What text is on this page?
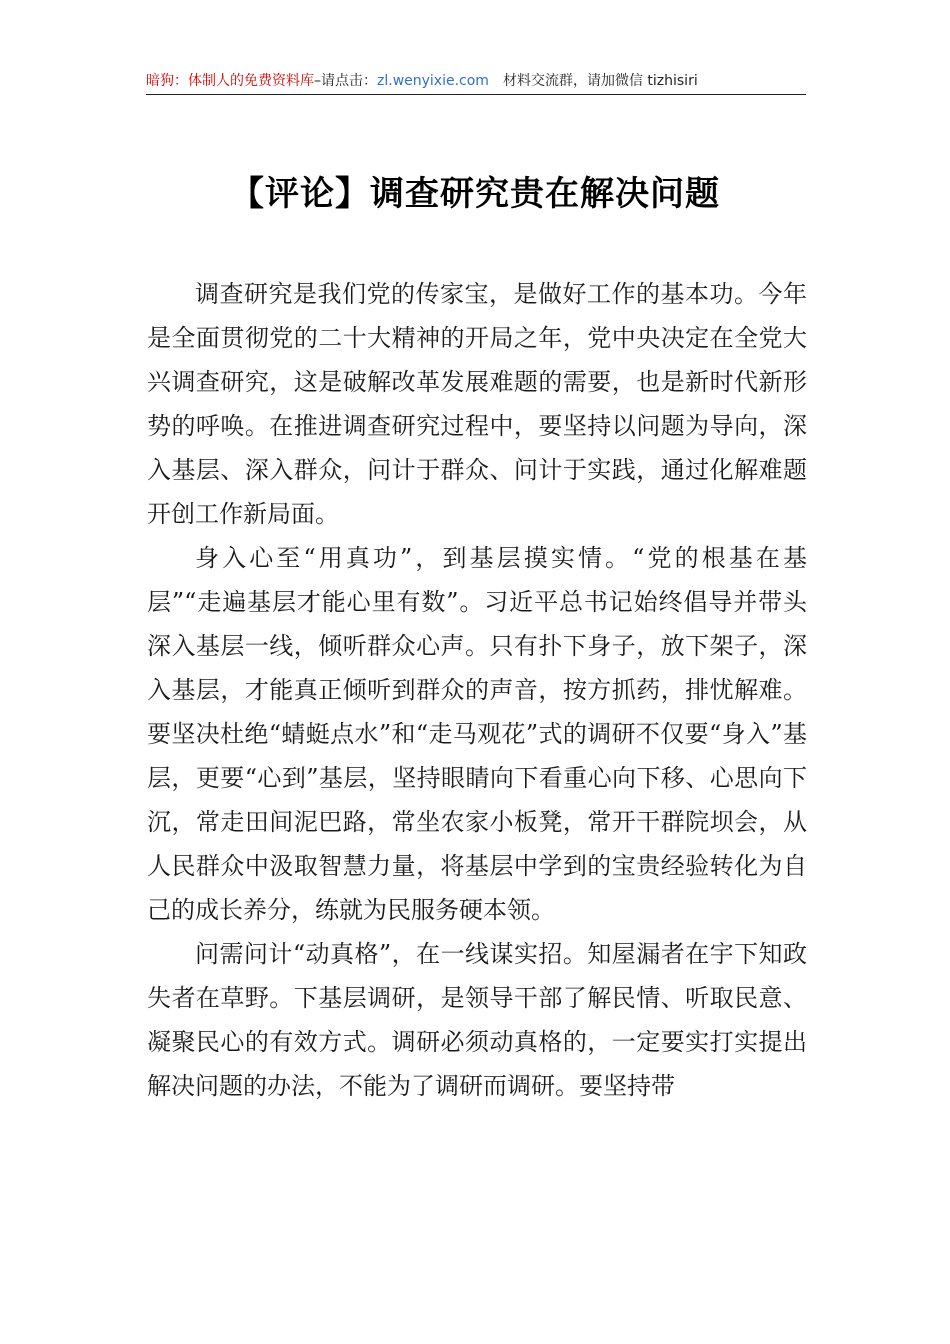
暗狗：体制人的免费资料库–请点击：zl.wenyixie.com 材料交流群，请加微信 tizhisiri
【评论】调查研究贵在解决问题

调查研究是我们党的传家宝，是做好工作的基本功。今年是全面贯彻党的二十大精神的开局之年，党中央决定在全党大兴调查研究，这是破解改革发展难题的需要，也是新时代新形势的呼唤。在推进调查研究过程中，要坚持以问题为导向，深入基层、深入群众，问计于群众、问计于实践，通过化解难题开创工作新局面。

身入心至“用真功”，到基层摸实情。“党的根基在基层”“走遍基层才能心里有数”。习近平总书记始终倡导并带头深入基层一线，倾听群众心声。只有扑下身子，放下架子，深入基层，才能真正倾听到群众的声音，按方抓药，排忧解难。要坚决杜绝“蜻蜓点水”和“走马观花”式的调研不仅要“身入”基层，更要“心到”基层，坚持眼睛向下看重心向下移、心思向下沉，常走田间泥巴路，常坐农家小板凳，常开干群院坝会，从人民群众中汲取智慧力量，将基层中学到的宝贵经验转化为自己的成长养分，练就为民服务硬本领。

问需问计“动真格”，在一线谋实招。知屋漏者在宇下知政失者在草野。下基层调研，是领导干部了解民情、听取民意、凝聚民心的有效方式。调研必须动真格的，一定要实打实提出解决问题的办法，不能为了调研而调研。要坚持带
